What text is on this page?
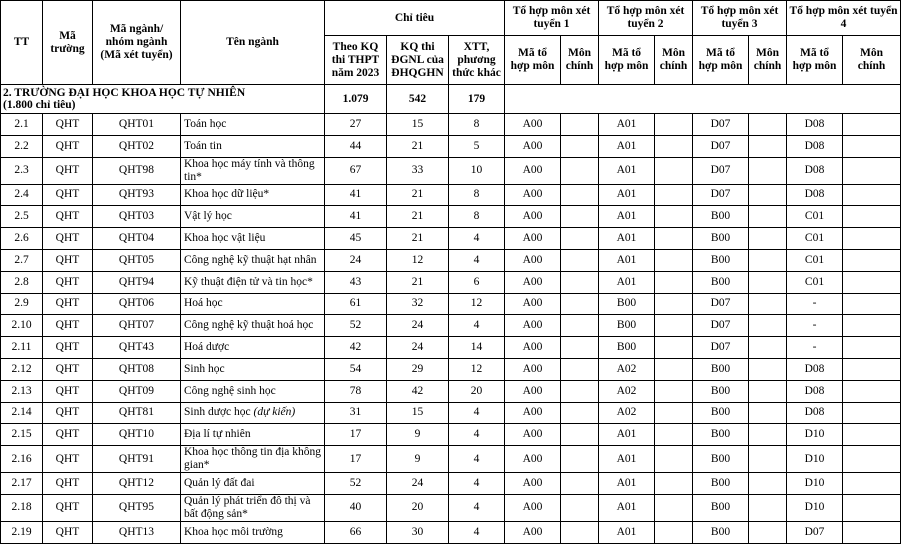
TT	Mã trường	Mã ngành/ nhóm ngành (Mã xét tuyển)	Tên ngành	Chỉ tiêu			Tổ hợp môn xét tuyển 1		Tổ hợp môn xét tuyển 2		Tổ hợp môn xét tuyển 3		Tổ hợp môn xét tuyển 4	
				Theo KQ thi THPT năm 2023	KQ thi ĐGNL của ĐHQGHN	XTT, phương thức khác	Mã tổ hợp môn	Môn chính	Mã tổ hợp môn	Môn chính	Mã tổ hợp môn	Môn chính	Mã tổ hợp môn	Môn chính
2. TRƯỜNG ĐẠI HỌC KHOA HỌC TỰ NHIÊN
(1.800 chỉ tiêu)				1.079	542	179								
2.1	QHT	QHT01	Toán học	27	15	8	A00		A01		D07		D08	
2.2	QHT	QHT02	Toán tin	44	21	5	A00		A01		D07		D08	
2.3	QHT	QHT98	Khoa học máy tính và thông tin*	67	33	10	A00		A01		D07		D08	
2.4	QHT	QHT93	Khoa học dữ liệu*	41	21	8	A00		A01		D07		D08	
2.5	QHT	QHT03	Vật lý học	41	21	8	A00		A01		B00		C01	
2.6	QHT	QHT04	Khoa học vật liệu	45	21	4	A00		A01		B00		C01	
2.7	QHT	QHT05	Công nghệ kỹ thuật hạt nhân	24	12	4	A00		A01		B00		C01	
2.8	QHT	QHT94	Kỹ thuật điện tử và tin học*	43	21	6	A00		A01		B00		C01	
2.9	QHT	QHT06	Hoá học	61	32	12	A00		B00		D07		-	
2.10	QHT	QHT07	Công nghệ kỹ thuật hoá học	52	24	4	A00		B00		D07		-	
2.11	QHT	QHT43	Hoá dược	42	24	14	A00		B00		D07		-	
2.12	QHT	QHT08	Sinh học	54	29	12	A00		A02		B00		D08	
2.13	QHT	QHT09	Công nghệ sinh học	78	42	20	A00		A02		B00		D08	
2.14	QHT	QHT81	Sinh dược học (dự kiến)	31	15	4	A00		A02		B00		D08	
2.15	QHT	QHT10	Địa lí tự nhiên	17	9	4	A00		A01		B00		D10	
2.16	QHT	QHT91	Khoa học thông tin địa không gian*	17	9	4	A00		A01		B00		D10	
2.17	QHT	QHT12	Quản lý đất đai	52	24	4	A00		A01		B00		D10	
2.18	QHT	QHT95	Quản lý phát triển đô thị và bất động sản*	40	20	4	A00		A01		B00		D10	
2.19	QHT	QHT13	Khoa học môi trường	66	30	4	A00		A01		B00		D07	
